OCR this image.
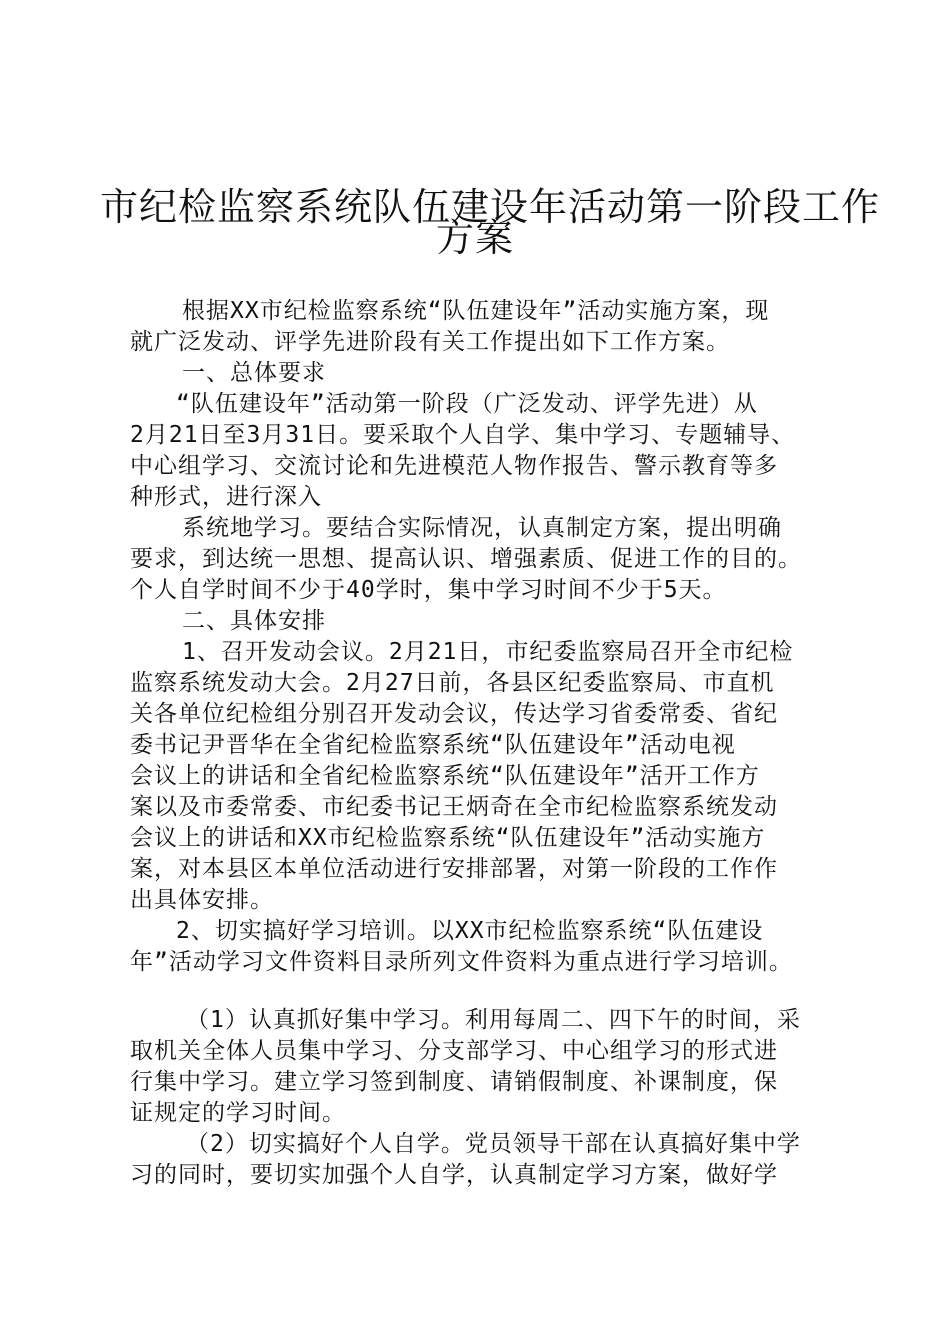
市纪检监察系统队伍建设年活动第一阶段工作
方案
根据XX市纪检监察系统“队伍建设年”活动实施方案，现
就广泛发动、评学先进阶段有关工作提出如下工作方案。
一、总体要求
“队伍建设年”活动第一阶段（广泛发动、评学先进）从
2月21日至3月31日。要采取个人自学、集中学习、专题辅导、
中心组学习、交流讨论和先进模范人物作报告、警示教育等多
种形式，进行深入
系统地学习。要结合实际情况，认真制定方案，提出明确
要求，到达统一思想、提高认识、增强素质、促进工作的目的。
个人自学时间不少于40学时，集中学习时间不少于5天。
二、具体安排
1、召开发动会议。2月21日，市纪委监察局召开全市纪检
监察系统发动大会。2月27日前，各县区纪委监察局、市直机
关各单位纪检组分别召开发动会议，传达学习省委常委、省纪
委书记尹晋华在全省纪检监察系统“队伍建设年”活动电视
会议上的讲话和全省纪检监察系统“队伍建设年”活开工作方
案以及市委常委、市纪委书记王炳奇在全市纪检监察系统发动
会议上的讲话和XX市纪检监察系统“队伍建设年”活动实施方
案，对本县区本单位活动进行安排部署，对第一阶段的工作作
出具体安排。
2、切实搞好学习培训。以XX市纪检监察系统“队伍建设
年”活动学习文件资料目录所列文件资料为重点进行学习培训。
（1）认真抓好集中学习。利用每周二、四下午的时间，采
取机关全体人员集中学习、分支部学习、中心组学习的形式进
行集中学习。建立学习签到制度、请销假制度、补课制度，保
证规定的学习时间。
（2）切实搞好个人自学。党员领导干部在认真搞好集中学
习的同时，要切实加强个人自学，认真制定学习方案，做好学
